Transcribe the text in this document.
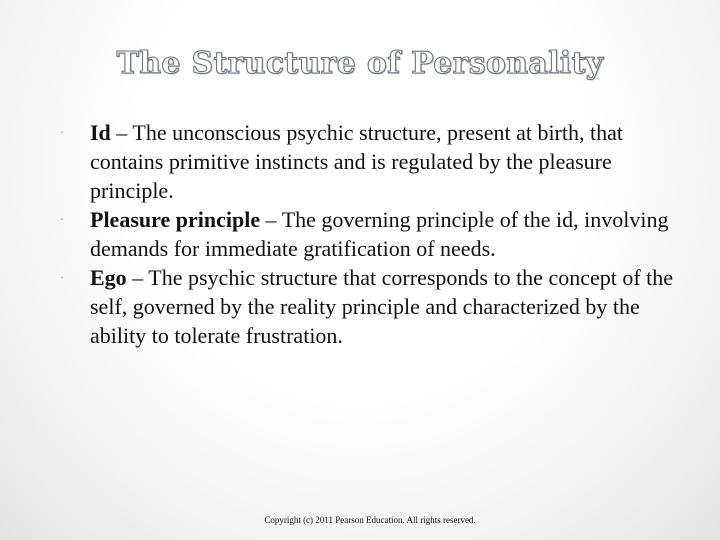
The Structure of Personality
· Id – The unconscious psychic structure, present at birth, that contains primitive instincts and is regulated by the pleasure principle.
· Pleasure principle – The governing principle of the id, involving demands for immediate gratification of needs.
· Ego – The psychic structure that corresponds to the concept of the self, governed by the reality principle and characterized by the ability to tolerate frustration.
Copyright (c) 2011 Pearson Education. All rights reserved.
